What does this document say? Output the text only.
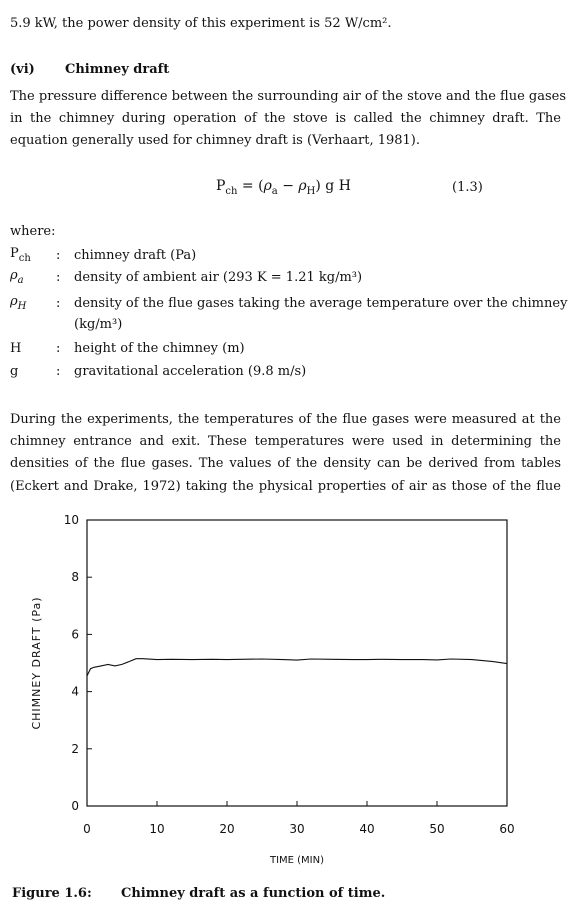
5.9 kW, the power density of this experiment is 52 W/cm².
(vi) Chimney draft
The pressure difference between the surrounding air of the stove and the flue gases
in the chimney during operation of the stove is called the chimney draft. The
equation generally used for chimney draft is (Verhaart, 1981).
$P_{ch} = (\rho_a - \rho_H)$ g H	(1.3)
where:
$P_{ch}$ : chimney draft (Pa)
$\rho_a$ : density of ambient air (293 K = 1.21 kg/m³)
$\rho_H$ : density of the flue gases taking the average temperature over the chimney
(kg/m³)
H	: height of the chimney (m)
g	: gravitational acceleration (9.8 m/s)
During the experiments, the temperatures of the flue gases were measured at the
chimney entrance and exit. These temperatures were used in determining the
densities of the flue gases. The values of the density can be derived from tables
(Eckert and Drake, 1972) taking the physical properties of air as those of the flue
0
2
4
6
8
10
0	10	20	30	40	50	60
CHIMNEY DRAFT (Pa)
TIME (MIN)
Figure 1.6: Chimney draft as a function of time.
